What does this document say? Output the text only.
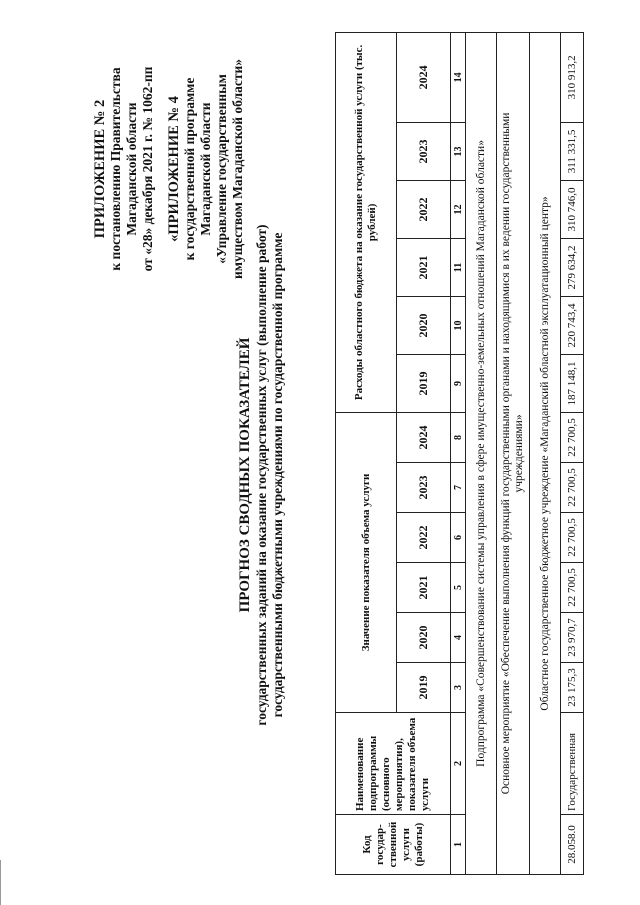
ПРИЛОЖЕНИЕ № 2 к постановлению Правительства Магаданской области от «28» декабря 2021 г. № 1062-пп «ПРИЛОЖЕНИЕ № 4 к государственной программе Магаданской области «Управление государственным имуществом Магаданской области»
ПРОГНОЗ СВОДНЫХ ПОКАЗАТЕЛЕЙ государственных заданий на оказание государственных услуг (выполнение работ) государственными бюджетными учреждениями по государственной программе
Код государ-ственной услуги (работы)	Наименование подпрограммы (основного мероприятия), показателя объема услуги	Значение показателя объема услуги						Расходы областного бюджета на оказание государственной услуги (тыс. рублей)					
		2019	2020	2021	2022	2023	2024	2019	2020	2021	2022	2023	2024
1	2	3	4	5	6	7	8	9	10	11	12	13	14
Подпрограмма «Совершенствование системы управления в сфере имущественно-земельных отношений Магаданской области»													
Основное мероприятие «Обеспечение выполнения функций государственными органами и находящимися в их ведении государственными учреждениями»													
Областное государственное бюджетное учреждение «Магаданский областной эксплуатационный центр»													
28.058.0	Государственная	23 175,3	23 970,7	22 700,5	22 700,5	22 700,5	22 700,5	187 148,1	220 743,4	279 634,2	310 746,0	311 331,5	310 913,2
